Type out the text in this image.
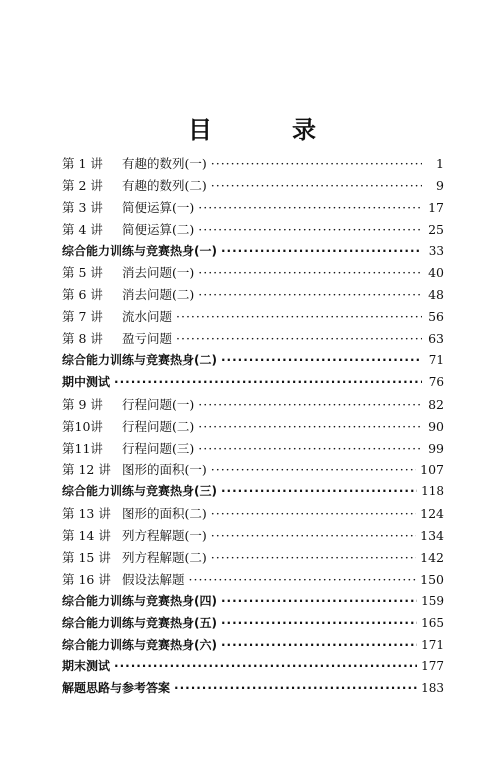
目　录
第 1 讲	有趣的数列(一) ·····	1
第 2 讲	有趣的数列(二) ·····	9
第 3 讲	简便运算(一) ·····	17
第 4 讲	简便运算(二) ·····	25
综合能力训练与竞赛热身(一) ·····	33
第 5 讲	消去问题(一) ·····	40
第 6 讲	消去问题(二) ·····	48
第 7 讲	流水问题 ·····	56
第 8 讲	盈亏问题 ·····	63
综合能力训练与竞赛热身(二) ·····	71
期中测试 ·····	76
第 9 讲	行程问题(一) ·····	82
第10讲	行程问题(二) ·····	90
第11讲	行程问题(三) ·····	99
第 12 讲 图形的面积(一) ·····	107
综合能力训练与竞赛热身(三) ·····	118
第 13 讲 图形的面积(二) ·····	124
第 14 讲 列方程解题(一) ·····	134
第 15 讲 列方程解题(二) ·····	142
第 16 讲 假设法解题 ·····	150
综合能力训练与竞赛热身(四) ·····	159
综合能力训练与竞赛热身(五) ·····	165
综合能力训练与竞赛热身(六) ·····	171
期末测试 ·····	177
解题思路与参考答案 ·····	183
